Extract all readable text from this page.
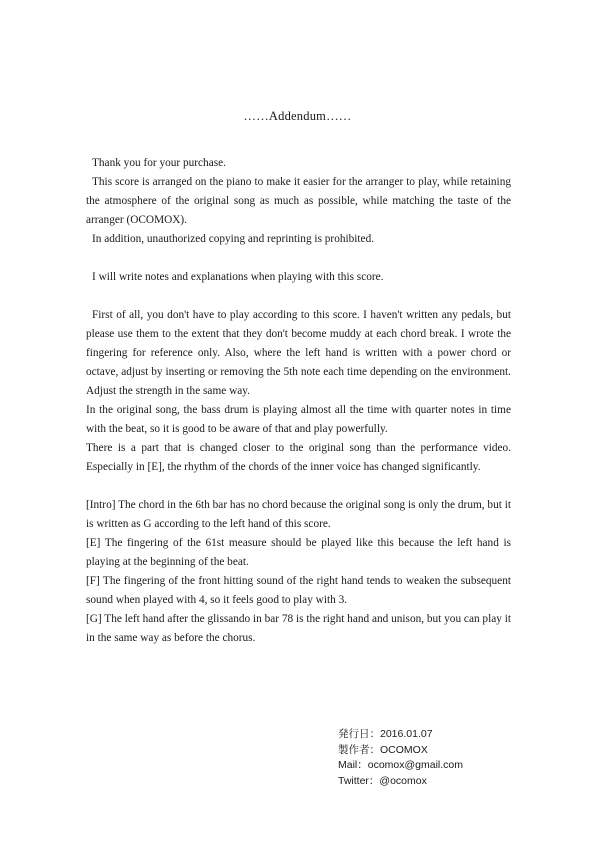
……Addendum……

Thank you for your purchase.

This score is arranged on the piano to make it easier for the arranger to play, while retaining the atmosphere of the original song as much as possible, while matching the taste of the arranger (OCOMOX).

In addition, unauthorized copying and reprinting is prohibited.

I will write notes and explanations when playing with this score.

First of all, you don't have to play according to this score. I haven't written any pedals, but please use them to the extent that they don't become muddy at each chord break. I wrote the fingering for reference only. Also, where the left hand is written with a power chord or octave, adjust by inserting or removing the 5th note each time depending on the environment. Adjust the strength in the same way.

In the original song, the bass drum is playing almost all the time with quarter notes in time with the beat, so it is good to be aware of that and play powerfully.

There is a part that is changed closer to the original song than the performance video. Especially in [E], the rhythm of the chords of the inner voice has changed significantly.

[Intro] The chord in the 6th bar has no chord because the original song is only the drum, but it is written as G according to the left hand of this score.

[E] The fingering of the 61st measure should be played like this because the left hand is playing at the beginning of the beat.

[F] The fingering of the front hitting sound of the right hand tends to weaken the subsequent sound when played with 4, so it feels good to play with 3.

[G] The left hand after the glissando in bar 78 is the right hand and unison, but you can play it in the same way as before the chorus.

発行日：2016.01.07
製作者：OCOMOX
Mail：ocomox@gmail.com
Twitter：@ocomox
